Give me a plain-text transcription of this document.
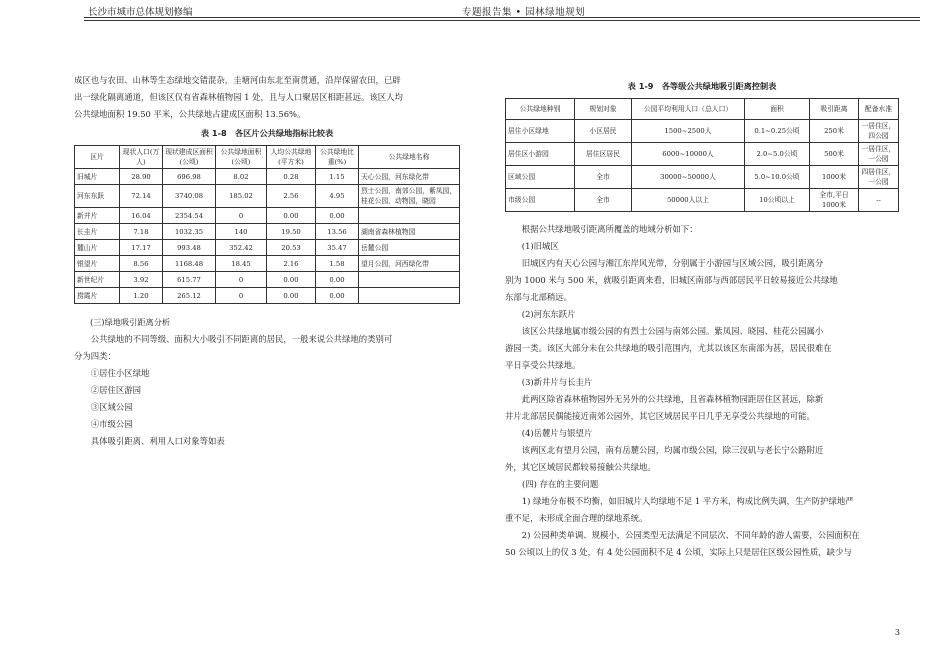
长沙市城市总体规划修编	专题报告集 • 园林绿地规划

成区也与农田、山林等生态绿地交错混杂，圭塘河由东北至南贯通，沿岸保留农田，已辟

出一绿化隔离通道，但该区仅有省森林植物园 1 处，且与人口聚居区相距甚远。该区人均

公共绿地面积 19.50 平米，公共绿地占建成区面积 13.56%。

表 1-8　各区片公共绿地指标比较表
区片	现状人口(万人)	现状建成区面积(公顷)	公共绿地面积(公顷)	人均公共绿地(平方米)	公共绿地比重(%)	公共绿地名称
旧城片	28.90	696.98	8.02	0.28	1.15	天心公园，河东绿化带
河东东跃	72.14	3740.08	185.02	2.56	4.95	烈士公园，南郊公园，紫凤园，桂花公园，动物园，晓园
新井片	16.04	2354.54	0	0.00	0.00	
长圭片	7.18	1032.35	140	19.50	13.56	湖南省森林植物园
麓山片	17.17	993.48	352.42	20.53	35.47	岳麓公园
银望片	8.56	1168.48	18.45	2.16	1.58	望月公园，河西绿化带
新世纪片	3.92	615.77	0	0.00	0.00	
捞霞片	1.20	265.12	0	0.00	0.00	

(三)绿地吸引距离分析

公共绿地的不同等级、面积大小吸引不同距离的居民，一般来说公共绿地的类别可

分为四类：

①居住小区绿地

②居住区游园

③区域公园

④市级公园

具体吸引距离、利用人口对象等如表

表 1-9　各等级公共绿地吸引距离控制表
公共绿地种别	规划对象	公园平均利用人口（总人口）	面积	吸引距离	配备水准
居住小区绿地	小区居民	1500~2500人	0.1~0.25公顷	250米	一居住区，四公园
居住区小游园	居住区居民	6000~10000人	2.0~5.0公顷	500米	一居住区，一公园
区域公园	全市	30000~50000人	5.0~10.0公顷	1000米	四居住区，一公园
市级公园	全市	50000人以上	10公顷以上	全市,平日1000米	--

根据公共绿地吸引距离所覆盖的地域分析如下：

(1)旧城区

旧城区内有天心公园与湘江东岸风光带，分别属于小游园与区域公园，吸引距离分

别为 1000 米与 500 米，就吸引距离来看，旧城区南部与西部居民平日较易接近公共绿地

东部与北部稍远。

(2)河东东跃片

该区公共绿地属市级公园的有烈士公园与南郊公园。紫凤园、晓园、桂花公园属小

游园一类。该区大部分未在公共绿地的吸引范围内，尤其以该区东南部为甚，居民很难在

平日享受公共绿地。

(3)新井片与长圭片

此两区除省森林植物园外无另外的公共绿地，且省森林植物园距居住区甚远，除新

井片北部居民偶能接近南郊公园外，其它区域居民平日几乎无享受公共绿地的可能。

(4)岳麓片与银望片

该两区北有望月公园，南有岳麓公园，均属市级公园，除三汊矶与老长宁公路附近

外，其它区域居民都较易接触公共绿地。

(四) 存在的主要问题

1) 绿地分布极不均衡，如旧城片人均绿地不足 1 平方米，构成比例失调，生产防护绿地严

重不足，未形成全面合理的绿地系统。

2) 公园种类单调、规模小，公园类型无法满足不同层次、不同年龄的游人需要，公园面积在

50 公顷以上的仅 3 处，有 4 处公园面积不足 4 公顷，实际上只是居住区级公园性质，缺少与

3
